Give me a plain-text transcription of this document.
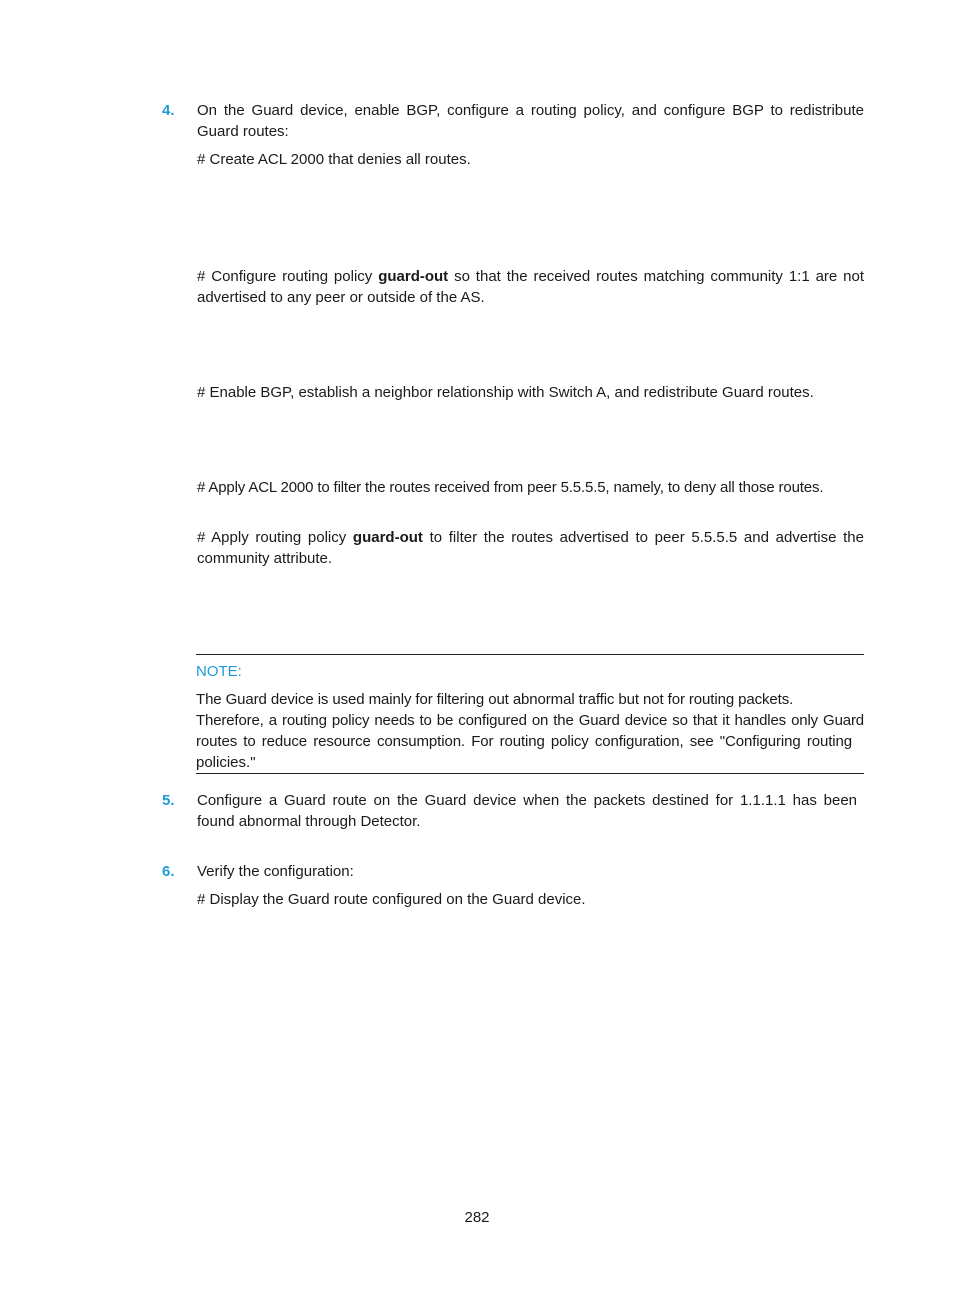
4. On the Guard device, enable BGP, configure a routing policy, and configure BGP to redistribute
Guard routes:
# Create ACL 2000 that denies all routes.
# Configure routing policy guard-out so that the received routes matching community 1:1 are not
advertised to any peer or outside of the AS.
# Enable BGP, establish a neighbor relationship with Switch A, and redistribute Guard routes.
# Apply ACL 2000 to filter the routes received from peer 5.5.5.5, namely, to deny all those routes.
# Apply routing policy guard-out to filter the routes advertised to peer 5.5.5.5 and advertise the
community attribute.
NOTE:
The Guard device is used mainly for filtering out abnormal traffic but not for routing packets.
Therefore, a routing policy needs to be configured on the Guard device so that it handles only Guard
routes to reduce resource consumption. For routing policy configuration, see "Configuring routing
policies."
5. Configure a Guard route on the Guard device when the packets destined for 1.1.1.1 has been
found abnormal through Detector.
6. Verify the configuration:
# Display the Guard route configured on the Guard device.
282
